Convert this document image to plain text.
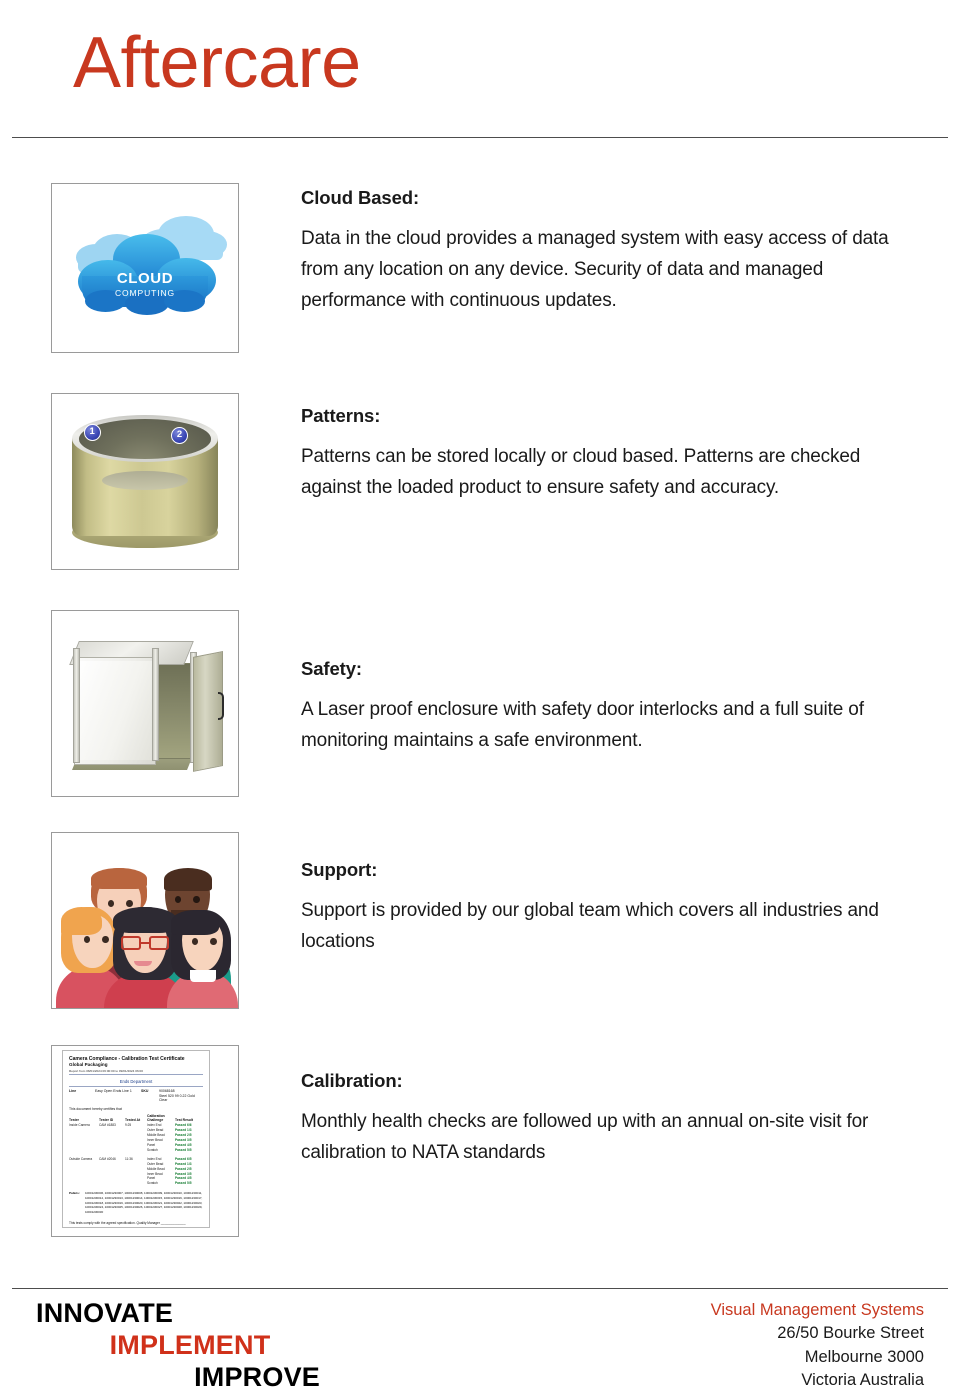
Aftercare
CLOUD
COMPUTING
Cloud Based:

Data in the cloud provides a managed system with easy access of data from any location on any device. Security of data and managed performance with continuous updates.

1	2
Patterns:

Patterns can be stored locally or cloud based. Patterns are checked against the loaded product to ensure safety and accuracy.

Safety:

A Laser proof enclosure with safety door interlocks and a full suite of monitoring maintains a safe environment.

Support:

Support is provided by our global team which covers all industries and locations

Camera Compliance - Calibration Test Certificate
Global Packaging
Report from 08/01/2024 06:00:00 to 09/01/2024 06:00
Ends Department
Line	Easy Open Ends Line 1	SKU	90068168
Steel 520 99 0.22 Gold Clear
This document hereby certifies that
Tester	Tester ID	Tested At	Calibration Challenge	Test Result
Inside Camera	CAM #1883	9:25	Index End	Passed 6/6
			Outer Bead	Passed 1/3
			Middle Bead	Passed 2/5
			Inner Bead	Passed 3/5
			Panel	Passed 4/5
			Scratch	Passed 5/5
Outside Camera	CAM #2046	11:36	Index End	Passed 6/5
			Outer Bead	Passed 1/3
			Middle Bead	Passed 2/5
			Inner Bead	Passed 3/5
			Panel	Passed 4/5
			Scratch	Passed 5/5
Pallets:	10001230006, 10001230007, 10001230008, 10001230009, 10001230010, 10001230011, 10001230012, 10001230013, 10001230014, 10001230015, 10001230016, 10001230017, 10001230018, 10001230019, 10001230020, 10001230021, 10001230022, 10001230023, 10001230024, 10001230025, 10001230026, 10001230027, 10001230028, 10001230029, 10001230030
This tests comply with the agreed specification. Quality Manager ______________
Calibration:

Monthly health checks are followed up with an annual on-site visit for calibration to NATA standards

INNOVATE
IMPLEMENT
IMPROVE
Visual Management Systems
26/50 Bourke Street
Melbourne 3000
Victoria Australia
